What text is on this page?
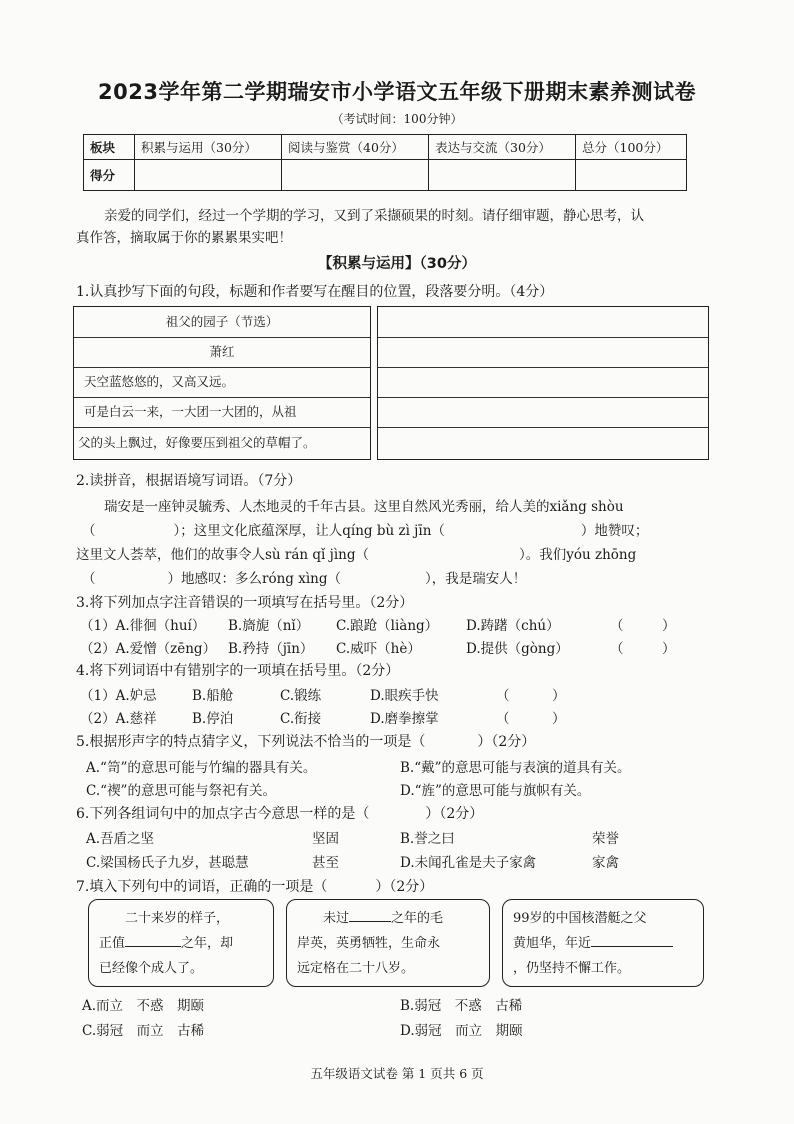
2023学年第二学期瑞安市小学语文五年级下册期末素养测试卷
（考试时间：100分钟）
板块	积累与运用（30分）	阅读与鉴赏（40分）	表达与交流（30分）	总分（100分）
得分				
亲爱的同学们，经过一个学期的学习，又到了采撷硕果的时刻。请仔细审题，静心思考，认
真作答，摘取属于你的累累果实吧！
【积累与运用】（30分）
1.认真抄写下面的句段，标题和作者要写在醒目的位置，段落要分明。（4分）
祖父的园子（节选）
萧红
天空蓝悠悠的，又高又远。
可是白云一来，一大团一大团的，从祖
父的头上飘过，好像要压到祖父的草帽了。
2.读拼音，根据语境写词语。（7分）
瑞安是一座钟灵毓秀、人杰地灵的千年古县。这里自然风光秀丽，给人美的xiǎng shòu
（	）；这里文化底蕴深厚，让人qíng bù zì jīn（	）地赞叹；
这里文人荟萃，他们的故事令人sù rán qǐ jìng（	）。我们yóu zhōng
（	）地感叹：多么róng xìng（	），我是瑞安人！
3.将下列加点字注音错误的一项填写在括号里。（2分）
（1）A.徘徊（huí） B.旖旎（nǐ） C.踉跄（liàng） D.踌躇（chú）	（	）
（2）A.爱憎（zēng） B.矜持（jīn） C.威吓（hè）	D.提供（gòng）	（	）
4.将下列词语中有错别字的一项填在括号里。（2分）
（1）A.妒忌	B.船舱	C.锻练	D.眼疾手快	（	）
（2）A.慈祥	B.停泊	C.衔接	D.磨拳擦掌	（	）
5.根据形声字的特点猜字义，下列说法不恰当的一项是（	）（2分）
A.“笥”的意思可能与竹编的器具有关。	B.“戴”的意思可能与表演的道具有关。
C.“禊”的意思可能与祭祀有关。	D.“旌”的意思可能与旗帜有关。
6.下列各组词句中的加点字古今意思一样的是（	）（2分）
A.吾盾之坚	坚固	B.誉之曰	荣誉
C.梁国杨氏子九岁，甚聪慧	甚至	D.未闻孔雀是夫子家禽	家禽
7.填入下列句中的词语，正确的一项是（	）（2分）
二十来岁的样子，
正值	之年，却
已经像个成人了。
未过	之年的毛
岸英，英勇牺牲，生命永
远定格在二十八岁。
99岁的中国核潜艇之父
黄旭华，年近
，仍坚持不懈工作。
A.而立　不惑　期颐	B.弱冠　不惑　古稀
C.弱冠　而立　古稀	D.弱冠　而立　期颐
五年级语文试卷 第 1 页共 6 页
